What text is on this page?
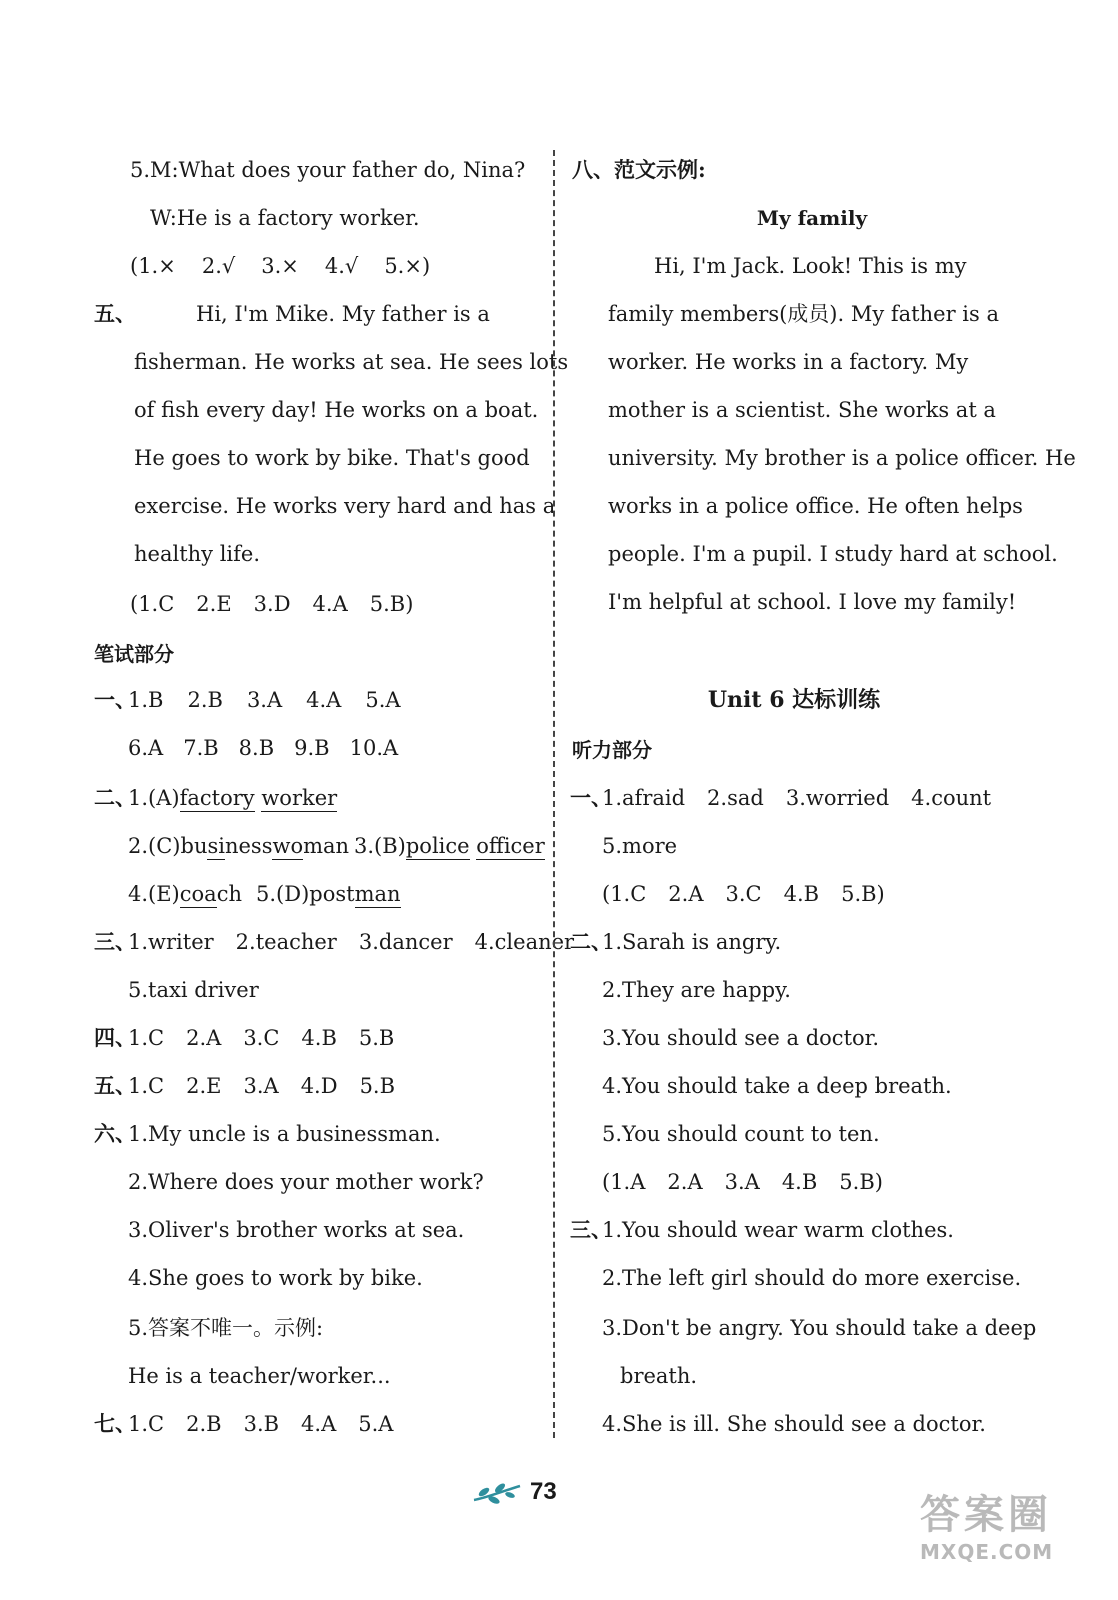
5.M:What does your father do, Nina?
W:He is a factory worker.
(1.× 2.√ 3.× 4.√ 5.×)
五、	Hi, I'm Mike. My father is a
fisherman. He works at sea. He sees lots
of fish every day! He works on a boat.
He goes to work by bike. That's good
exercise. He works very hard and has a
healthy life.
(1.C 2.E 3.D 4.A 5.B)
笔试部分
一、
1.B 2.B 3.A 4.A 5.A
6.A 7.B 8.B 9.B 10.A
二、
1.(A)factory worker
2.(C)businesswoman 3.(B)police officer
4.(E)coach 5.(D)postman
三、
1.writer 2.teacher 3.dancer 4.cleaner
5.taxi driver
四、
1.C 2.A 3.C 4.B 5.B
五、
1.C 2.E 3.A 4.D 5.B
六、
1.My uncle is a businessman.
2.Where does your mother work?
3.Oliver's brother works at sea.
4.She goes to work by bike.
5.答案不唯一。示例:
He is a teacher/worker...
七、
1.C 2.B 3.B 4.A 5.A
八、范文示例:
My family
Hi, I'm Jack. Look! This is my
family members(成员). My father is a
worker. He works in a factory. My
mother is a scientist. She works at a
university. My brother is a police officer. He
works in a police office. He often helps
people. I'm a pupil. I study hard at school.
I'm helpful at school. I love my family!
Unit 6 达标训练
听力部分
一、
1.afraid 2.sad 3.worried 4.count
5.more
(1.C 2.A 3.C 4.B 5.B)
二、
1.Sarah is angry.
2.They are happy.
3.You should see a doctor.
4.You should take a deep breath.
5.You should count to ten.
(1.A 2.A 3.A 4.B 5.B)
三、
1.You should wear warm clothes.
2.The left girl should do more exercise.
3.Don't be angry. You should take a deep
breath.
4.She is ill. She should see a doctor.
73
答案圈
MXQE.COM
